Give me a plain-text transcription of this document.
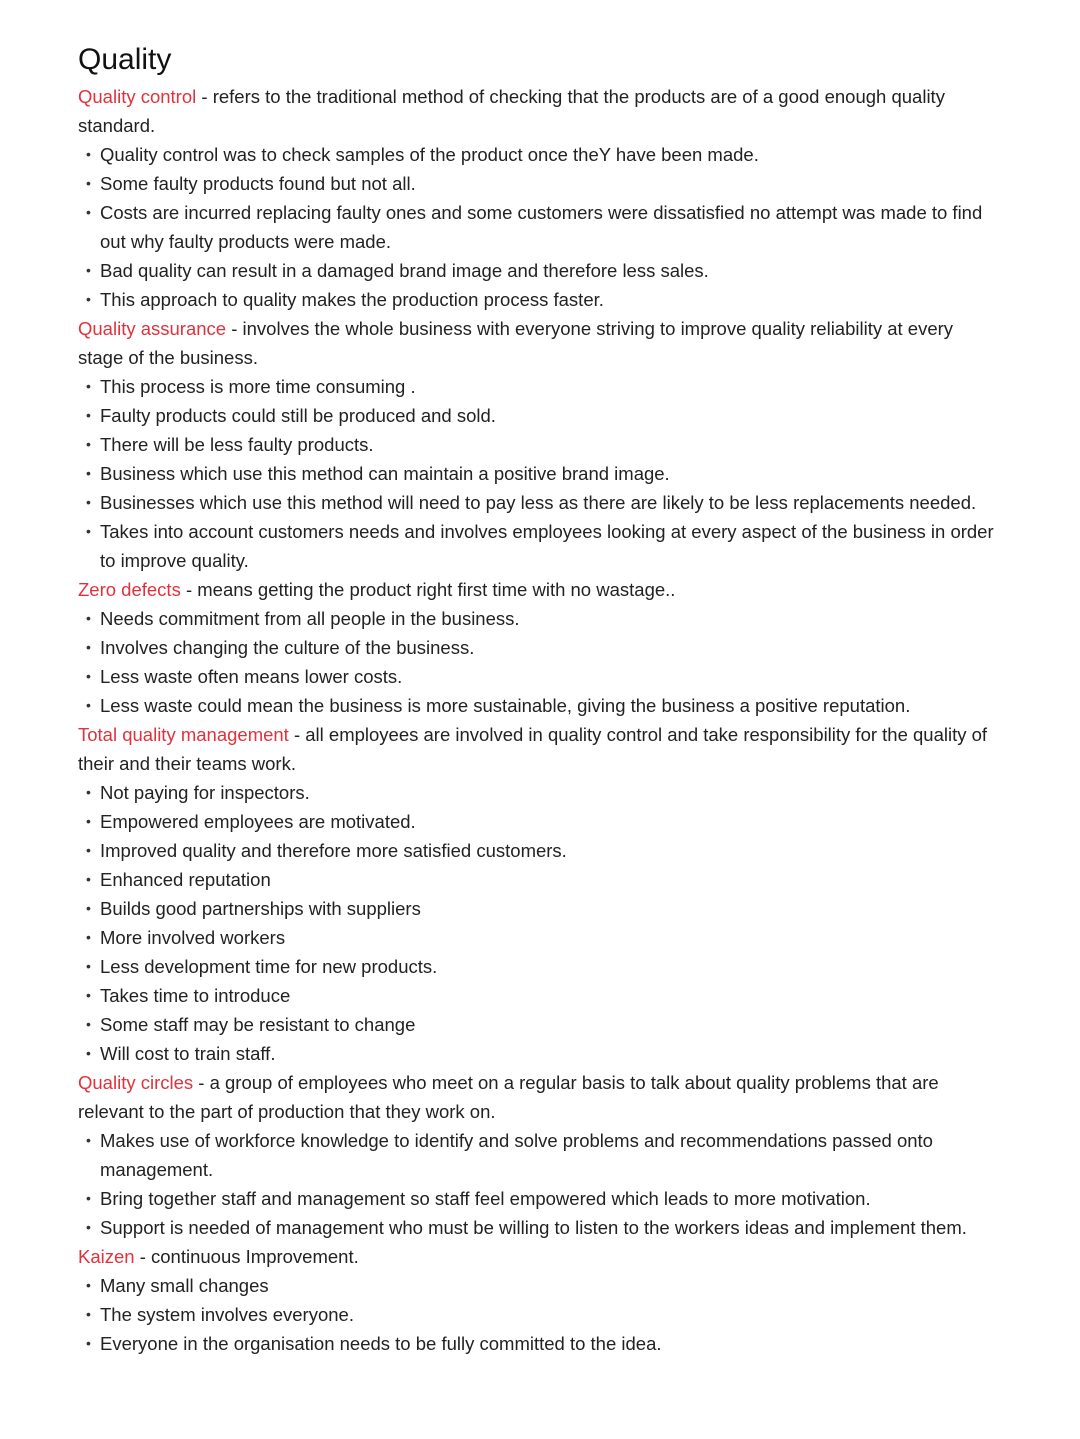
Quality

Quality control - refers to the traditional method of checking that the products are of a good enough quality standard.

• Quality control was to check samples of the product once theY have been made.
• Some faulty products found but not all.
• Costs are incurred replacing faulty ones and some customers were dissatisfied no attempt was made to find out why faulty products were made.
• Bad quality can result in a damaged brand image and therefore less sales.
• This approach to quality makes the production process faster.

Quality assurance - involves the whole business with everyone striving to improve quality reliability at every stage of the business.

• This process is more time consuming .
• Faulty products could still be produced and sold.
• There will be less faulty products.
• Business which use this method can maintain a positive brand image.
• Businesses which use this method will need to pay less as there are likely to be less replacements needed.
• Takes into account customers needs and involves employees looking at every aspect of the business in order to improve quality.

Zero defects - means getting the product right first time with no wastage..

• Needs commitment from all people in the business.
• Involves changing the culture of the business.
• Less waste often means lower costs.
• Less waste could mean the business is more sustainable, giving the business a positive reputation.

Total quality management - all employees are involved in quality control and take responsibility for the quality of their and their teams work.

• Not paying for inspectors.
• Empowered employees are motivated.
• Improved quality and therefore more satisfied customers.
• Enhanced reputation
• Builds good partnerships with suppliers
• More involved workers
• Less development time for new products.
• Takes time to introduce
• Some staff may be resistant to change
• Will cost to train staff.

Quality circles - a group of employees who meet on a regular basis to talk about quality problems that are relevant to the part of production that they work on.

• Makes use of workforce knowledge to identify and solve problems and recommendations passed onto management.
• Bring together staff and management so staff feel empowered which leads to more motivation.
• Support is needed of management who must be willing to listen to the workers ideas and implement them.

Kaizen - continuous Improvement.

• Many small changes
• The system involves everyone.
• Everyone in the organisation needs to be fully committed to the idea.
